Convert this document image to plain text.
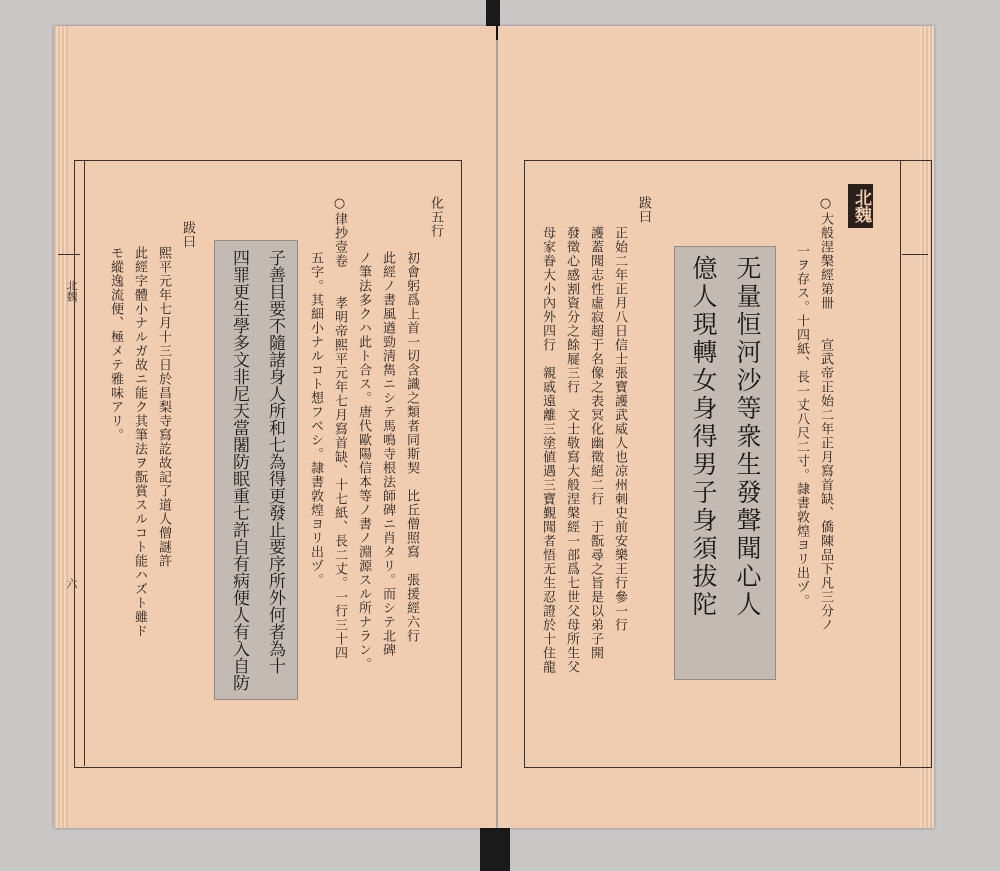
北魏
六
化五行
初會躬爲上首一切含識之類者同斯契　比丘僧照寫　張援經六行
此經ノ書風遒勁淸雋ニシテ馬鳴寺根法師碑ニ肖タリ。而シテ北碑
ノ筆法多クハ此ト合ス。唐代歐陽信本等ノ書ノ淵源スル所ナラン。
○律抄壹卷　　孝明帝熙平元年七月寫首缺、十七紙、長二丈。一行三十四
五字。其細小ナルコト想フベシ。隷書敦煌ヨリ出ヅ。
子善目要不隨諸身人所和七為得更發止要序所外何者為十
四罪更生學多文非尼天當闍防眠重七許自有病便人有入自防
跋曰
熙平元年七月十三日於昌梨寺寫訖故記了道人僧謎許
此經字體小ナルガ故ニ能ク其筆法ヲ翫賞スルコト能ハズト雖ド
モ縱逸流便、極メテ雅味アリ。
北魏
○大般涅槃經第卌　　宣武帝正始二年正月寫首缺、僑陳品下凡三分ノ
一ヲ存ス。十四紙、長一丈八尺二寸。隷書敦煌ヨリ出ヅ。
无量恒河沙等衆生發聲聞心人
億人現轉女身得男子身須拔陀
跋曰
正始二年正月八日信士張寶護武威人也凉州刺史前安樂王行參一行
護蓋聞志性虛寂超于名像之表冥化幽徵絕二行　于翫尋之旨是以弟子開
發徵心感割資分之餘屣三行　文士敬寫大般涅槃經一部爲七世父母所生父
母家眷大小內外四行　親戚遠離三塗値遇三寶覲聞者悟无生忍證於十住龍
